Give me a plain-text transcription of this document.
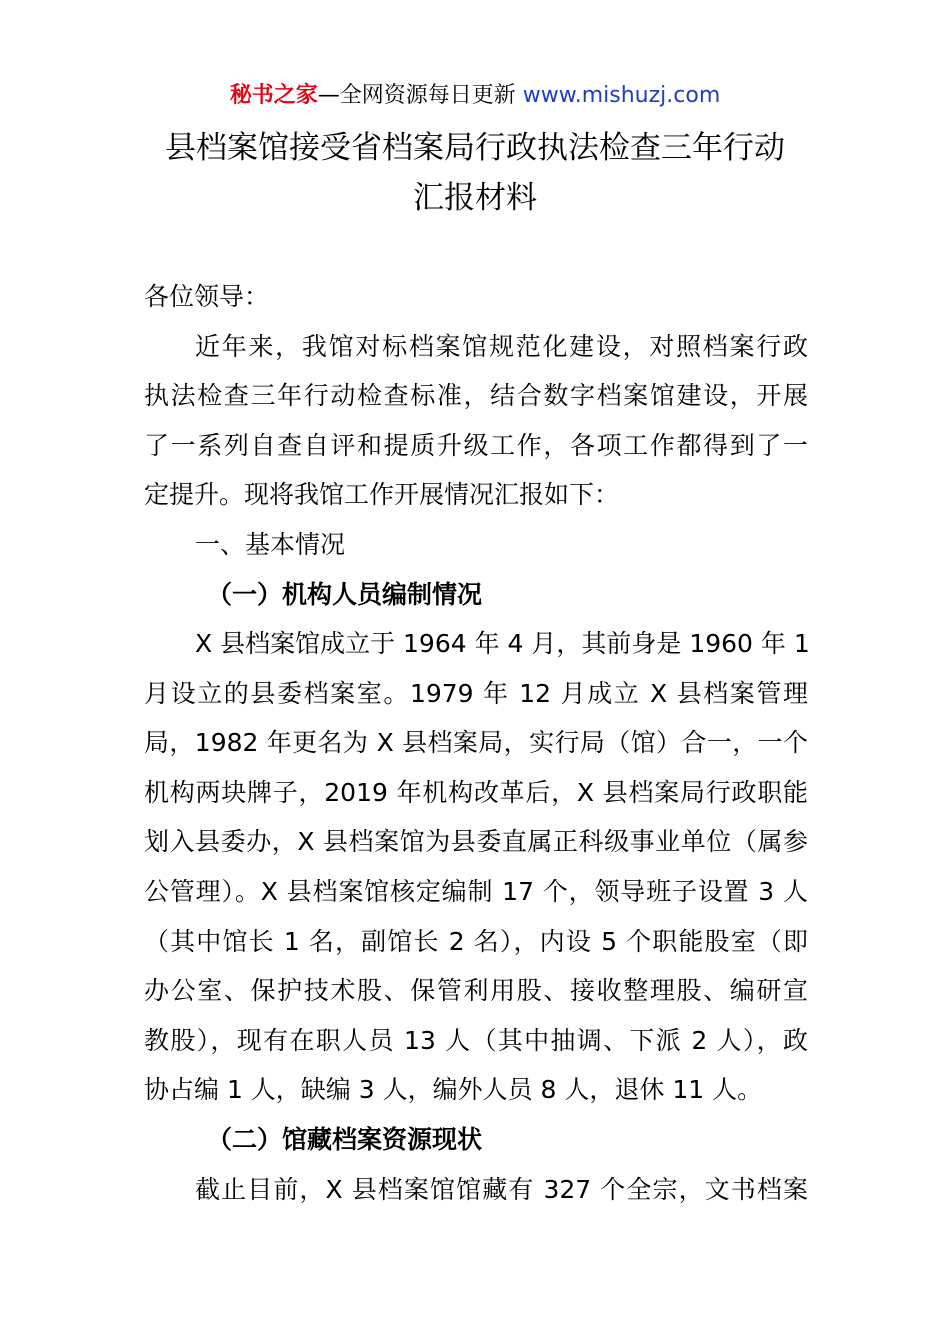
秘书之家—全网资源每日更新 www.mishuzj.com
县档案馆接受省档案局行政执法检查三年行动
汇报材料
各位领导：
近年来，我馆对标档案馆规范化建设，对照档案行政
执法检查三年行动检查标准，结合数字档案馆建设，开展
了一系列自查自评和提质升级工作，各项工作都得到了一
定提升。现将我馆工作开展情况汇报如下：
一、基本情况
（一）机构人员编制情况
X 县档案馆成立于 1964 年 4 月，其前身是 1960 年 1
月设立的县委档案室。1979 年 12 月成立 X 县档案管理
局，1982 年更名为 X 县档案局，实行局（馆）合一，一个
机构两块牌子，2019 年机构改革后，X 县档案局行政职能
划入县委办，X 县档案馆为县委直属正科级事业单位（属参
公管理）。X 县档案馆核定编制 17 个，领导班子设置 3 人
（其中馆长 1 名，副馆长 2 名），内设 5 个职能股室（即
办公室、保护技术股、保管利用股、接收整理股、编研宣
教股），现有在职人员 13 人（其中抽调、下派 2 人），政
协占编 1 人，缺编 3 人，编外人员 8 人，退休 11 人。
（二）馆藏档案资源现状
截止目前，X 县档案馆馆藏有 327 个全宗，文书档案
